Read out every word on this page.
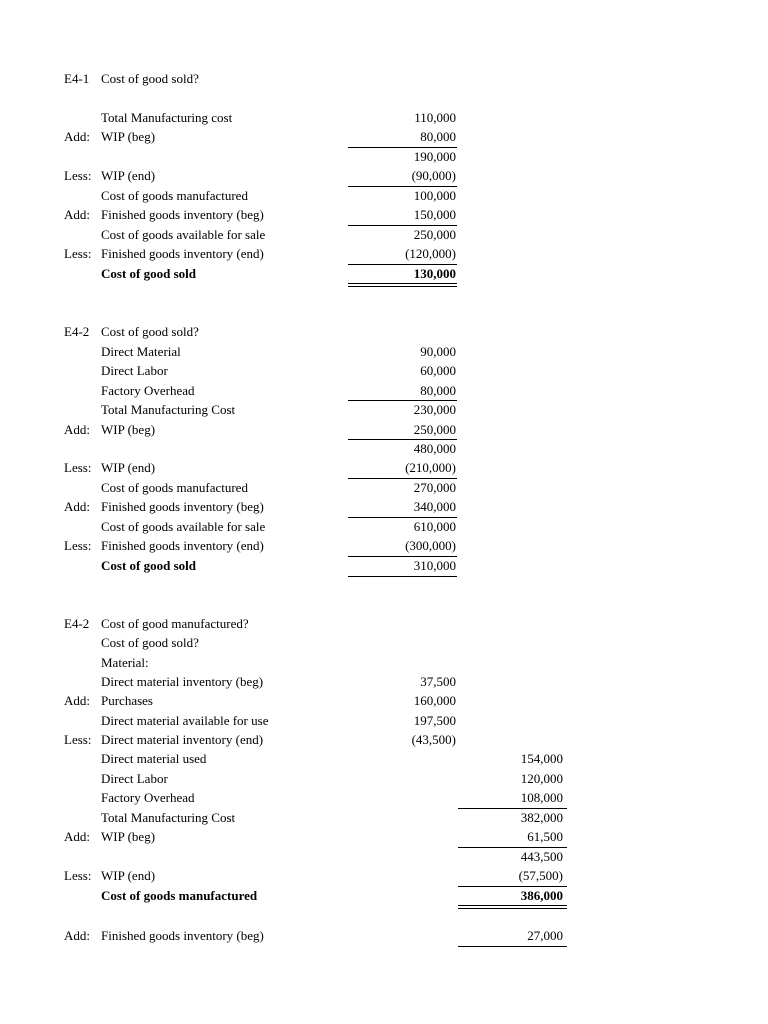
E4-1 Cost of good sold?
Total Manufacturing cost	110,000
Add: WIP (beg)	80,000
190,000
Less: WIP (end)	(90,000)
Cost of goods manufactured	100,000
Add: Finished goods inventory (beg)	150,000
Cost of goods available for sale	250,000
Less: Finished goods inventory (end)	(120,000)
Cost of good sold	130,000
E4-2 Cost of good sold?
Direct Material	90,000
Direct Labor	60,000
Factory Overhead	80,000
Total Manufacturing Cost	230,000
Add: WIP (beg)	250,000
480,000
Less: WIP (end)	(210,000)
Cost of goods manufactured	270,000
Add: Finished goods inventory (beg)	340,000
Cost of goods available for sale	610,000
Less: Finished goods inventory (end)	(300,000)
Cost of good sold	310,000
E4-2 Cost of good manufactured?
Cost of good sold?
Material:
Direct material inventory (beg)	37,500
Add: Purchases	160,000
Direct material available for use	197,500
Less: Direct material inventory (end)	(43,500)
Direct material used	154,000
Direct Labor	120,000
Factory Overhead	108,000
Total Manufacturing Cost	382,000
Add: WIP (beg)	61,500
443,500
Less: WIP (end)	(57,500)
Cost of goods manufactured	386,000
Add: Finished goods inventory (beg)	27,000
